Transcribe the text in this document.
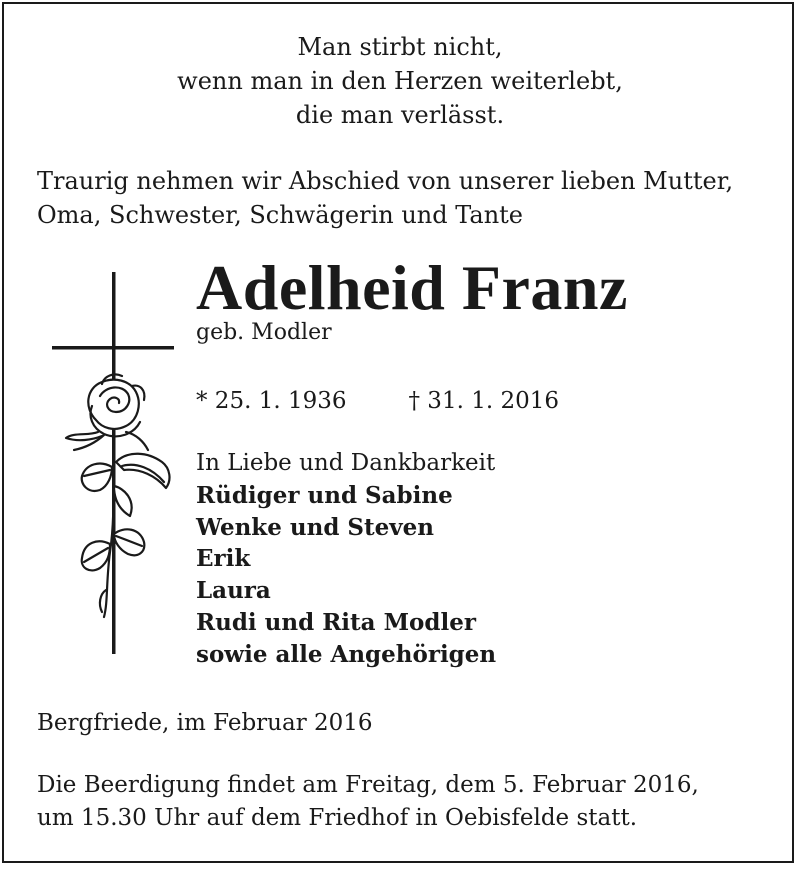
Man stirbt nicht,
wenn man in den Herzen weiterlebt,
die man verlässt.
Traurig nehmen wir Abschied von unserer lieben Mutter,
Oma, Schwester, Schwägerin und Tante
Adelheid Franz
geb. Modler
* 25. 1. 1936	† 31. 1. 2016
In Liebe und Dankbarkeit
Rüdiger und Sabine
Wenke und Steven
Erik
Laura
Rudi und Rita Modler
sowie alle Angehörigen
Bergfriede, im Februar 2016
Die Beerdigung findet am Freitag, dem 5. Februar 2016,
um 15.30 Uhr auf dem Friedhof in Oebisfelde statt.
